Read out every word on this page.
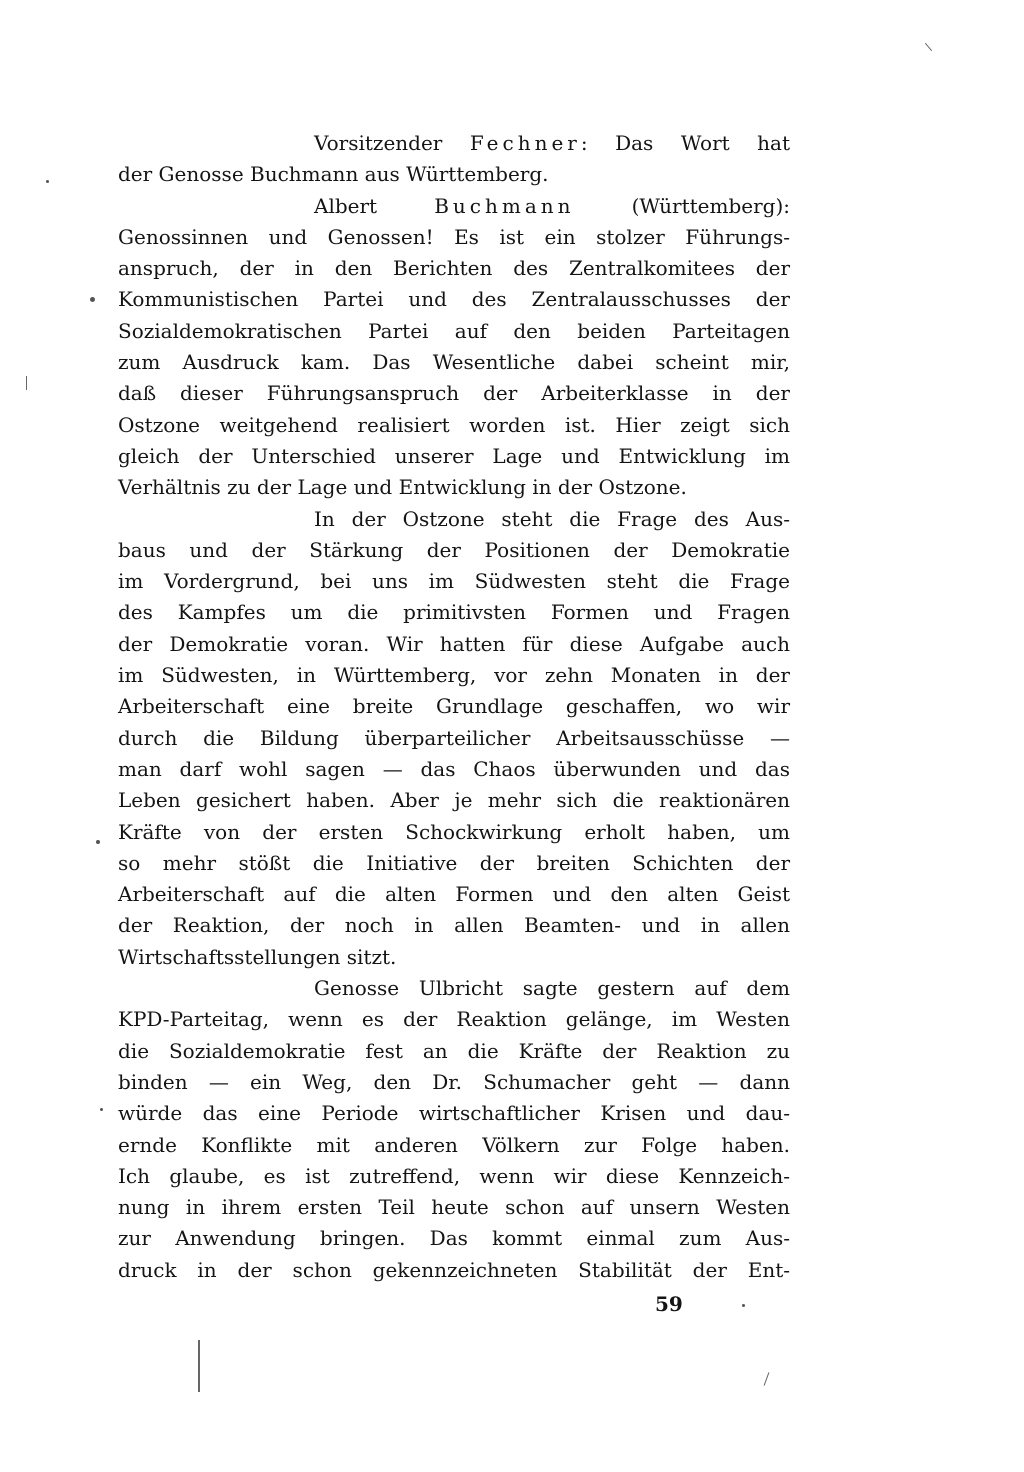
Vorsitzender Fechner: Das Wort hat
der Genosse Buchmann aus Württemberg.
Albert Buchmann (Württemberg):
Genossinnen und Genossen! Es ist ein stolzer Führungs-
anspruch, der in den Berichten des Zentralkomitees der
Kommunistischen Partei und des Zentralausschusses der
Sozialdemokratischen Partei auf den beiden Parteitagen
zum Ausdruck kam. Das Wesentliche dabei scheint mir,
daß dieser Führungsanspruch der Arbeiterklasse in der
Ostzone weitgehend realisiert worden ist. Hier zeigt sich
gleich der Unterschied unserer Lage und Entwicklung im
Verhältnis zu der Lage und Entwicklung in der Ostzone.
In der Ostzone steht die Frage des Aus-
baus und der Stärkung der Positionen der Demokratie
im Vordergrund, bei uns im Südwesten steht die Frage
des Kampfes um die primitivsten Formen und Fragen
der Demokratie voran. Wir hatten für diese Aufgabe auch
im Südwesten, in Württemberg, vor zehn Monaten in der
Arbeiterschaft eine breite Grundlage geschaffen, wo wir
durch die Bildung überparteilicher Arbeitsausschüsse —
man darf wohl sagen — das Chaos überwunden und das
Leben gesichert haben. Aber je mehr sich die reaktionären
Kräfte von der ersten Schockwirkung erholt haben, um
so mehr stößt die Initiative der breiten Schichten der
Arbeiterschaft auf die alten Formen und den alten Geist
der Reaktion, der noch in allen Beamten- und in allen
Wirtschaftsstellungen sitzt.
Genosse Ulbricht sagte gestern auf dem
KPD-Parteitag, wenn es der Reaktion gelänge, im Westen
die Sozialdemokratie fest an die Kräfte der Reaktion zu
binden — ein Weg, den Dr. Schumacher geht — dann
würde das eine Periode wirtschaftlicher Krisen und dau-
ernde Konflikte mit anderen Völkern zur Folge haben.
Ich glaube, es ist zutreffend, wenn wir diese Kennzeich-
nung in ihrem ersten Teil heute schon auf unsern Westen
zur Anwendung bringen. Das kommt einmal zum Aus-
druck in der schon gekennzeichneten Stabilität der Ent-
59
